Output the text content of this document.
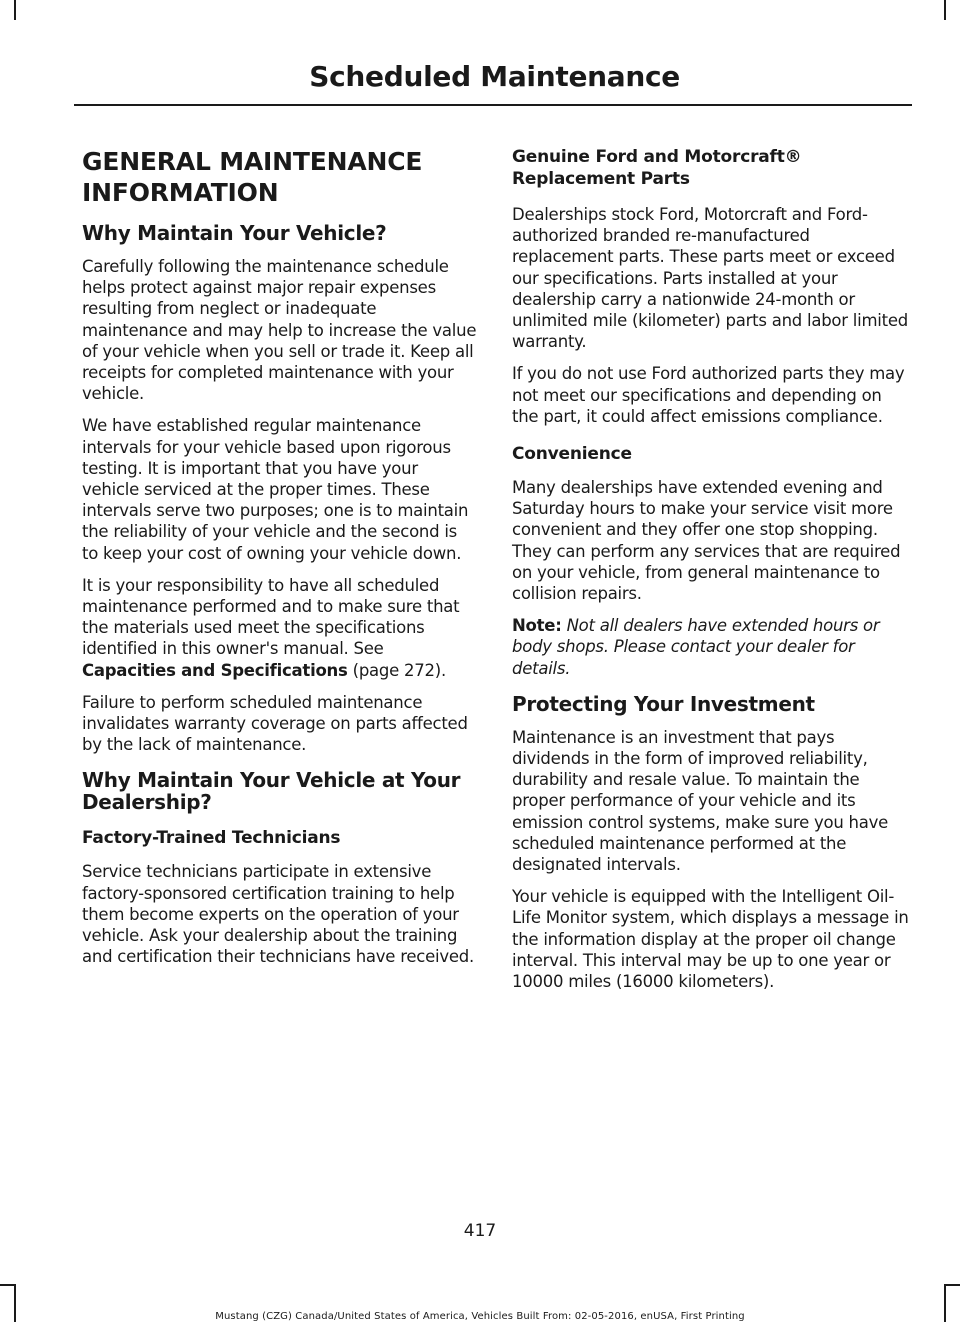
Scheduled Maintenance
GENERAL MAINTENANCE
INFORMATION
Why Maintain Your Vehicle?

Carefully following the maintenance schedule helps protect against major repair expenses resulting from neglect or inadequate maintenance and may help to increase the value of your vehicle when you sell or trade it. Keep all receipts for completed maintenance with your vehicle.

We have established regular maintenance intervals for your vehicle based upon rigorous testing. It is important that you have your vehicle serviced at the proper times. These intervals serve two purposes; one is to maintain the reliability of your vehicle and the second is to keep your cost of owning your vehicle down.

It is your responsibility to have all scheduled maintenance performed and to make sure that the materials used meet the specifications identified in this owner's manual. See Capacities and Specifications (page 272).

Failure to perform scheduled maintenance invalidates warranty coverage on parts affected by the lack of maintenance.

Why Maintain Your Vehicle at Your Dealership?
Factory-Trained Technicians

Service technicians participate in extensive factory-sponsored certification training to help them become experts on the operation of your vehicle. Ask your dealership about the training and certification their technicians have received.

Genuine Ford and Motorcraft® Replacement Parts

Dealerships stock Ford, Motorcraft and Ford-authorized branded re-manufactured replacement parts. These parts meet or exceed our specifications. Parts installed at your dealership carry a nationwide 24-month or unlimited mile (kilometer) parts and labor limited warranty.

If you do not use Ford authorized parts they may not meet our specifications and depending on the part, it could affect emissions compliance.

Convenience

Many dealerships have extended evening and Saturday hours to make your service visit more convenient and they offer one stop shopping. They can perform any services that are required on your vehicle, from general maintenance to collision repairs.

Note: Not all dealers have extended hours or body shops. Please contact your dealer for details.

Protecting Your Investment

Maintenance is an investment that pays dividends in the form of improved reliability, durability and resale value. To maintain the proper performance of your vehicle and its emission control systems, make sure you have scheduled maintenance performed at the designated intervals.

Your vehicle is equipped with the Intelligent Oil-Life Monitor system, which displays a message in the information display at the proper oil change interval. This interval may be up to one year or 10000 miles (16000 kilometers).

417
Mustang (CZG) Canada/United States of America, Vehicles Built From: 02-05-2016, enUSA, First Printing
